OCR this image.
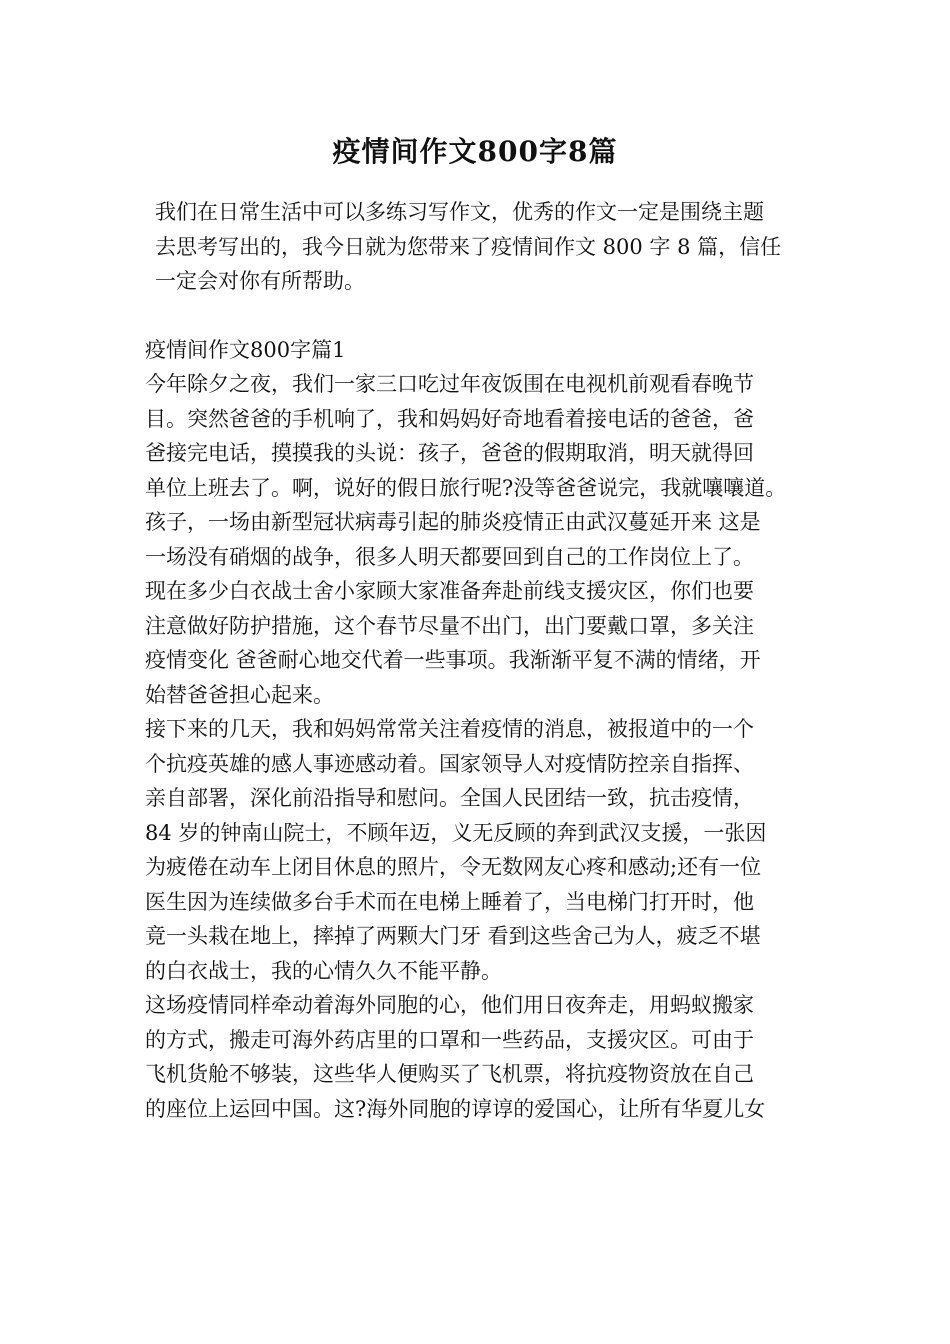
疫情间作文800字8篇

我们在日常生活中可以多练习写作文，优秀的作文一定是围绕主题
去思考写出的，我今日就为您带来了疫情间作文 800 字 8 篇，信任
一定会对你有所帮助。

疫情间作文800字篇1

今年除夕之夜，我们一家三口吃过年夜饭围在电视机前观看春晚节
目。突然爸爸的手机响了，我和妈妈好奇地看着接电话的爸爸，爸
爸接完电话，摸摸我的头说：孩子，爸爸的假期取消，明天就得回
单位上班去了。啊，说好的假日旅行呢?没等爸爸说完，我就嚷嚷道。
孩子，一场由新型冠状病毒引起的肺炎疫情正由武汉蔓延开来 这是
一场没有硝烟的战争，很多人明天都要回到自己的工作岗位上了。
现在多少白衣战士舍小家顾大家准备奔赴前线支援灾区，你们也要
注意做好防护措施，这个春节尽量不出门，出门要戴口罩，多关注
疫情变化 爸爸耐心地交代着一些事项。我渐渐平复不满的情绪，开
始替爸爸担心起来。

接下来的几天，我和妈妈常常关注着疫情的消息，被报道中的一个
个抗疫英雄的感人事迹感动着。国家领导人对疫情防控亲自指挥、
亲自部署，深化前沿指导和慰问。全国人民团结一致，抗击疫情，
84 岁的钟南山院士，不顾年迈，义无反顾的奔到武汉支援，一张因
为疲倦在动车上闭目休息的照片，令无数网友心疼和感动;还有一位
医生因为连续做多台手术而在电梯上睡着了，当电梯门打开时，他
竟一头栽在地上，摔掉了两颗大门牙 看到这些舍己为人，疲乏不堪
的白衣战士，我的心情久久不能平静。

这场疫情同样牵动着海外同胞的心，他们用日夜奔走，用蚂蚁搬家
的方式，搬走可海外药店里的口罩和一些药品，支援灾区。可由于
飞机货舱不够装，这些华人便购买了飞机票，将抗疫物资放在自己
的座位上运回中国。这?海外同胞的谆谆的爱国心，让所有华夏儿女
